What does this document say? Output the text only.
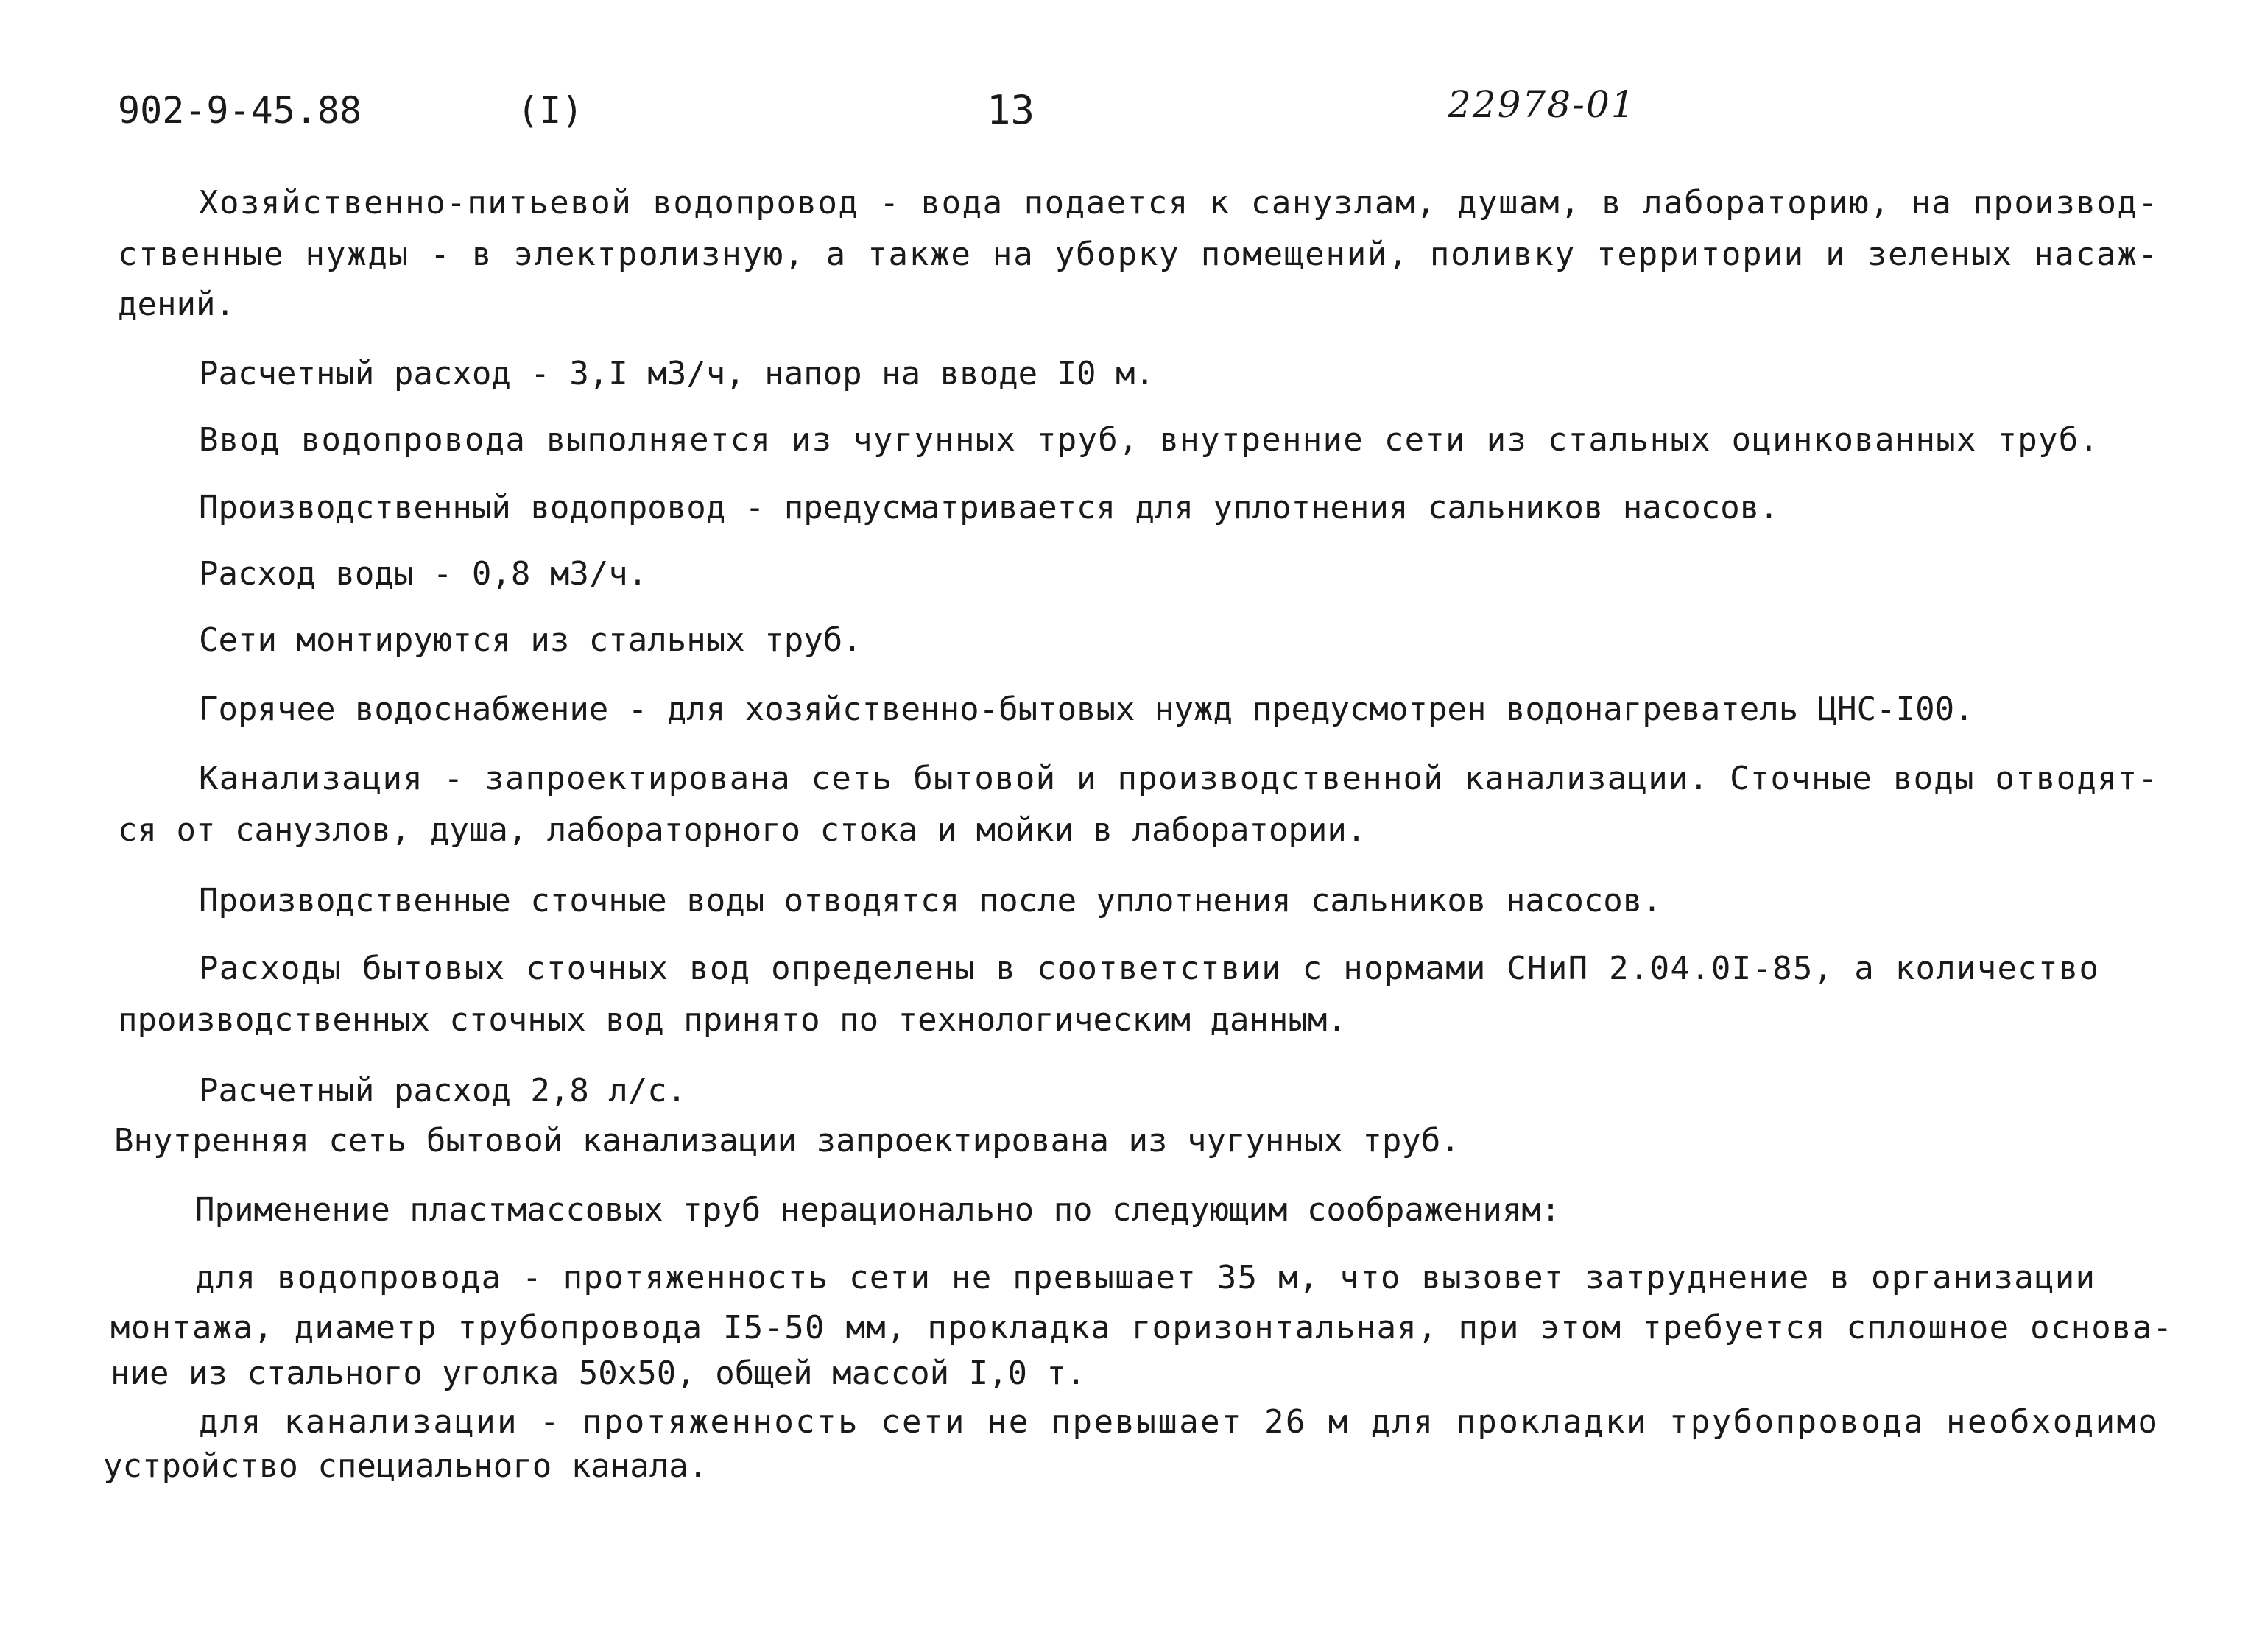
902-9-45.88	(I)	13	22978-01
Хозяйственно-питьевой водопровод - вода подается к санузлам, душам, в лабораторию, на производ-
ственные нужды - в электролизную, а также на уборку помещений, поливку территории и зеленых насаж-
дений.
Расчетный расход - 3,I м3/ч, напор на вводе I0 м.
Ввод водопровода выполняется из чугунных труб, внутренние сети из стальных оцинкованных труб.
Производственный водопровод - предусматривается для уплотнения сальников насосов.
Расход воды - 0,8 м3/ч.
Сети монтируются из стальных труб.
Горячее водоснабжение - для хозяйственно-бытовых нужд предусмотрен водонагреватель ЦНС-I00.
Канализация - запроектирована сеть бытовой и производственной канализации. Сточные воды отводят-
ся от санузлов, душа, лабораторного стока и мойки в лаборатории.
Производственные сточные воды отводятся после уплотнения сальников насосов.
Расходы бытовых сточных вод определены в соответствии с нормами СНиП 2.04.0I-85, а количество
производственных сточных вод принято по технологическим данным.
Расчетный расход 2,8 л/с.
Внутренняя сеть бытовой канализации запроектирована из чугунных труб.
Применение пластмассовых труб нерационально по следующим соображениям:
для водопровода - протяженность сети не превышает 35 м, что вызовет затруднение в организации
монтажа, диаметр трубопровода I5-50 мм, прокладка горизонтальная, при этом требуется сплошное основа-
ние из стального уголка 50х50, общей массой I,0 т.
для канализации - протяженность сети не превышает 26 м для прокладки трубопровода необходимо
устройство специального канала.
